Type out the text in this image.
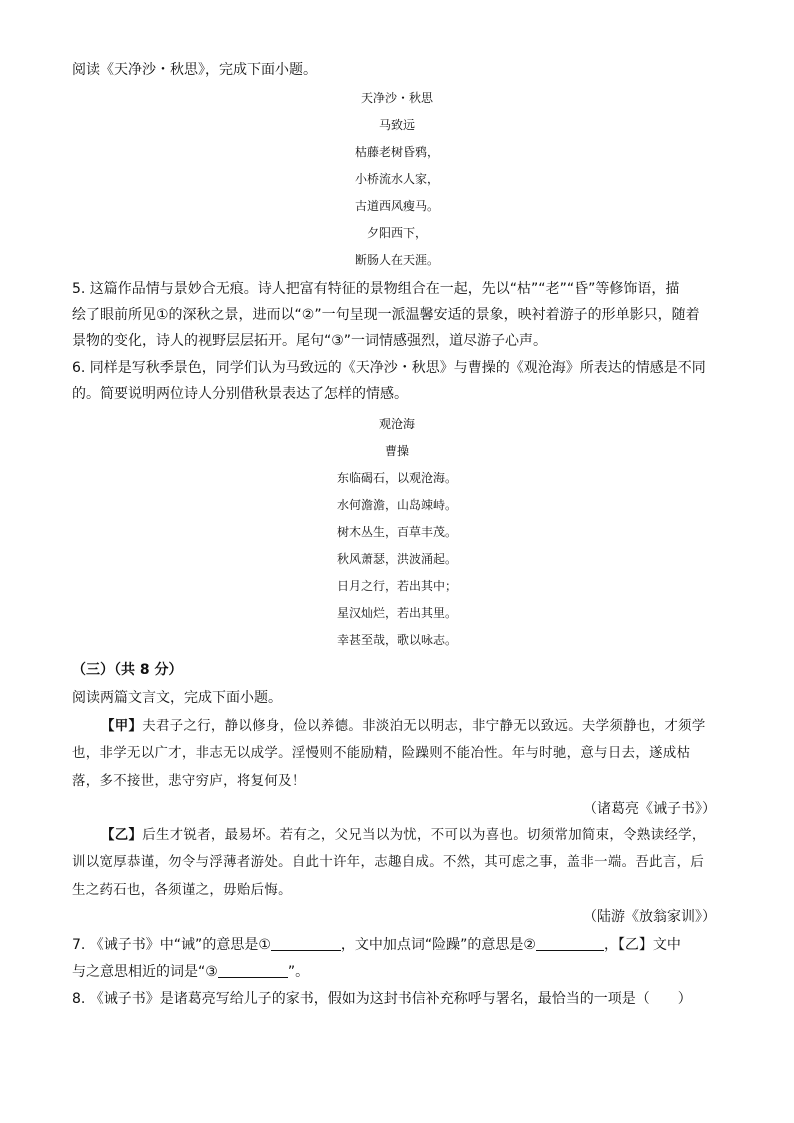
阅读《天净沙・秋思》，完成下面小题。
天净沙・秋思
马致远
枯藤老树昏鸦，
小桥流水人家，
古道西风瘦马。
夕阳西下，
断肠人在天涯。
5. 这篇作品情与景妙合无痕。诗人把富有特征的景物组合在一起，先以“枯”“老”“昏”等修饰语，描
绘了眼前所见①的深秋之景，进而以“②”一句呈现一派温馨安适的景象，映衬着游子的形单影只，随着
景物的变化，诗人的视野层层拓开。尾句“③”一词情感强烈，道尽游子心声。
6. 同样是写秋季景色，同学们认为马致远的《天净沙・秋思》与曹操的《观沧海》所表达的情感是不同
的。简要说明两位诗人分别借秋景表达了怎样的情感。
观沧海
曹操
东临碣石，以观沧海。
水何澹澹，山岛竦峙。
树木丛生，百草丰茂。
秋风萧瑟，洪波涌起。
日月之行，若出其中；
星汉灿烂，若出其里。
幸甚至哉，歌以咏志。
（三）（共 8 分）
阅读两篇文言文，完成下面小题。
【甲】夫君子之行，静以修身，俭以养德。非淡泊无以明志，非宁静无以致远。夫学须静也，才须学
也，非学无以广才，非志无以成学。淫慢则不能励精，险躁则不能冶性。年与时驰，意与日去，遂成枯
落，多不接世，悲守穷庐，将复何及！
（诸葛亮《诫子书》）
【乙】后生才锐者，最易坏。若有之，父兄当以为忧，不可以为喜也。切须常加简束，令熟读经学，
训以宽厚恭谨，勿令与浮薄者游处。自此十许年，志趣自成。不然，其可虑之事，盖非一端。吾此言，后
生之药石也，各须谨之，毋贻后悔。
（陆游《放翁家训》）
7. 《诫子书》中“诫”的意思是①	，文中加点词“险躁”的意思是②	，【乙】文中
与之意思相近的词是“③	”。
8. 《诫子书》是诸葛亮写给儿子的家书，假如为这封书信补充称呼与署名，最恰当的一项是（　　）
